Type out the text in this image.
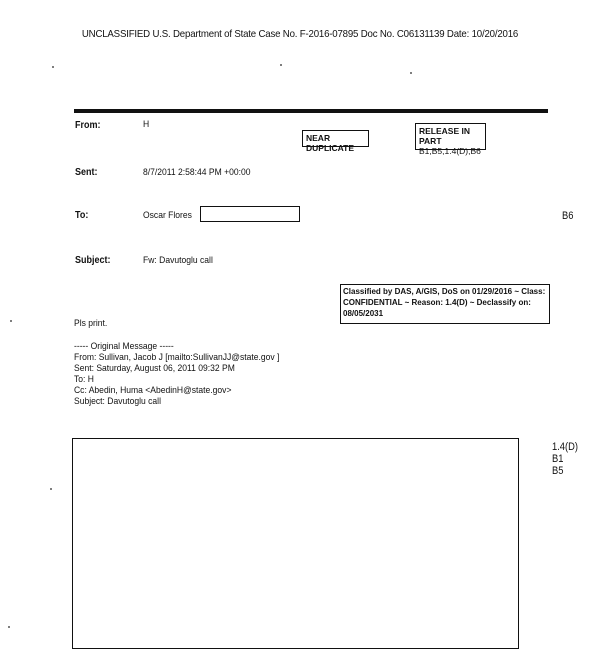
UNCLASSIFIED U.S. Department of State Case No. F-2016-07895 Doc No. C06131139 Date: 10/20/2016
From:	H
NEAR DUPLICATE
RELEASE IN PART
B1,B5,1.4(D),B6
Sent:	8/7/2011 2:58:44 PM +00:00
To:	Oscar Flores	B6
Subject:	Fw: Davutoglu call
Classified by DAS, A/GIS, DoS on 01/29/2016 ~ Class:
CONFIDENTIAL ~ Reason: 1.4(D) ~ Declassify on:
08/05/2031
Pls print.
----- Original Message -----
From: Sullivan, Jacob J [mailto:SullivanJJ@state.gov ]
Sent: Saturday, August 06, 2011 09:32 PM
To: H
Cc: Abedin, Huma <AbedinH@state.gov>
Subject: Davutoglu call
1.4(D)
B1
B5
